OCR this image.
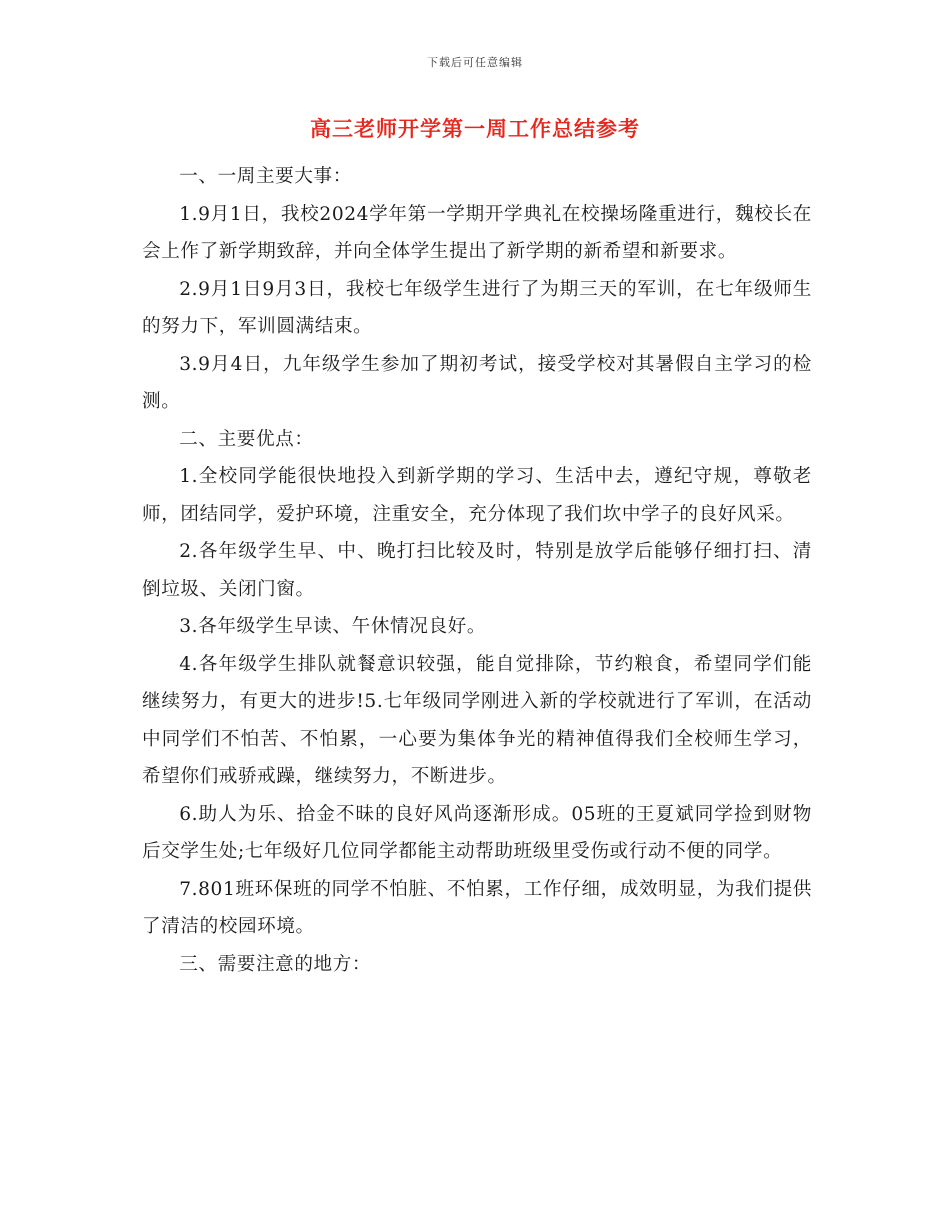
下载后可任意编辑
高三老师开学第一周工作总结参考

一、一周主要大事：

1.9月1日，我校2024学年第一学期开学典礼在校操场隆重进行，魏校长在会上作了新学期致辞，并向全体学生提出了新学期的新希望和新要求。

2.9月1日9月3日，我校七年级学生进行了为期三天的军训，在七年级师生的努力下，军训圆满结束。

3.9月4日，九年级学生参加了期初考试，接受学校对其暑假自主学习的检测。

二、主要优点：

1.全校同学能很快地投入到新学期的学习、生活中去，遵纪守规，尊敬老师，团结同学，爱护环境，注重安全，充分体现了我们坎中学子的良好风采。

2.各年级学生早、中、晚打扫比较及时，特别是放学后能够仔细打扫、清倒垃圾、关闭门窗。

3.各年级学生早读、午休情况良好。

4.各年级学生排队就餐意识较强，能自觉排除，节约粮食，希望同学们能继续努力，有更大的进步!5.七年级同学刚进入新的学校就进行了军训，在活动中同学们不怕苦、不怕累，一心要为集体争光的精神值得我们全校师生学习，希望你们戒骄戒躁，继续努力，不断进步。

6.助人为乐、拾金不昧的良好风尚逐渐形成。05班的王夏斌同学捡到财物后交学生处;七年级好几位同学都能主动帮助班级里受伤或行动不便的同学。

7.801班环保班的同学不怕脏、不怕累，工作仔细，成效明显，为我们提供了清洁的校园环境。

三、需要注意的地方：
